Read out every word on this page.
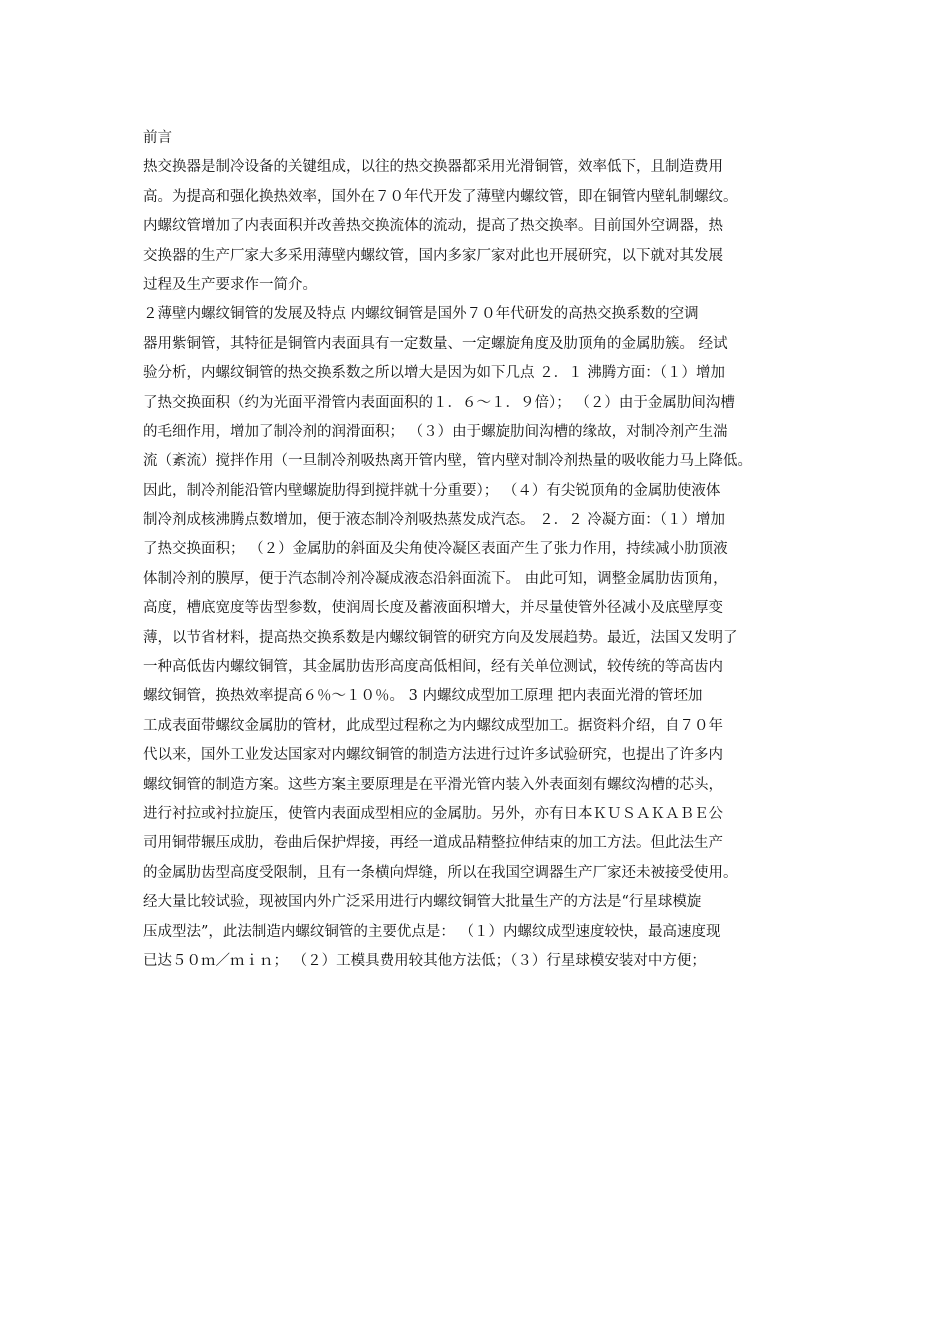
前言
热交换器是制冷设备的关键组成，以往的热交换器都采用光滑铜管，效率低下，且制造费用
高。为提高和强化换热效率，国外在７０年代开发了薄壁内螺纹管，即在铜管内壁轧制螺纹。
内螺纹管增加了内表面积并改善热交换流体的流动，提高了热交换率。目前国外空调器，热
交换器的生产厂家大多采用薄壁内螺纹管，国内多家厂家对此也开展研究，以下就对其发展
过程及生产要求作一简介。
２薄壁内螺纹铜管的发展及特点 内螺纹铜管是国外７０年代研发的高热交换系数的空调
器用紫铜管，其特征是铜管内表面具有一定数量、一定螺旋角度及肋顶角的金属肋簇。 经试
验分析，内螺纹铜管的热交换系数之所以增大是因为如下几点 ２．１ 沸腾方面：（１）增加
了热交换面积（约为光面平滑管内表面面积的１．６～１．９倍）； （２）由于金属肋间沟槽
的毛细作用，增加了制冷剂的润滑面积； （３）由于螺旋肋间沟槽的缘故，对制冷剂产生湍
流（紊流）搅拌作用（一旦制冷剂吸热离开管内壁，管内壁对制冷剂热量的吸收能力马上降低。
因此，制冷剂能沿管内壁螺旋肋得到搅拌就十分重要）； （４）有尖锐顶角的金属肋使液体
制冷剂成核沸腾点数增加，便于液态制冷剂吸热蒸发成汽态。 ２．２ 冷凝方面：（１）增加
了热交换面积； （２）金属肋的斜面及尖角使冷凝区表面产生了张力作用，持续减小肋顶液
体制冷剂的膜厚，便于汽态制冷剂冷凝成液态沿斜面流下。 由此可知，调整金属肋齿顶角，
高度，槽底宽度等齿型参数，使润周长度及蓄液面积增大，并尽量使管外径减小及底壁厚变
薄，以节省材料，提高热交换系数是内螺纹铜管的研究方向及发展趋势。最近，法国又发明了
一种高低齿内螺纹铜管，其金属肋齿形高度高低相间，经有关单位测试，较传统的等高齿内
螺纹铜管，换热效率提高６％～１０％。 3 内螺纹成型加工原理 把内表面光滑的管坯加
工成表面带螺纹金属肋的管材，此成型过程称之为内螺纹成型加工。据资料介绍，自７０年
代以来，国外工业发达国家对内螺纹铜管的制造方法进行过许多试验研究，也提出了许多内
螺纹铜管的制造方案。这些方案主要原理是在平滑光管内装入外表面刻有螺纹沟槽的芯头，
进行衬拉或衬拉旋压，使管内表面成型相应的金属肋。另外，亦有日本ＫＵＳＡＫＡＢＥ公
司用铜带辗压成肋，卷曲后保护焊接，再经一道成品精整拉伸结束的加工方法。但此法生产
的金属肋齿型高度受限制，且有一条横向焊缝，所以在我国空调器生产厂家还未被接受使用。
经大量比较试验，现被国内外广泛采用进行内螺纹铜管大批量生产的方法是“行星球模旋
压成型法”，此法制造内螺纹铜管的主要优点是： （１）内螺纹成型速度较快，最高速度现
已达５０ｍ／ｍｉｎ； （２）工模具费用较其他方法低；（３）行星球模安装对中方便；
